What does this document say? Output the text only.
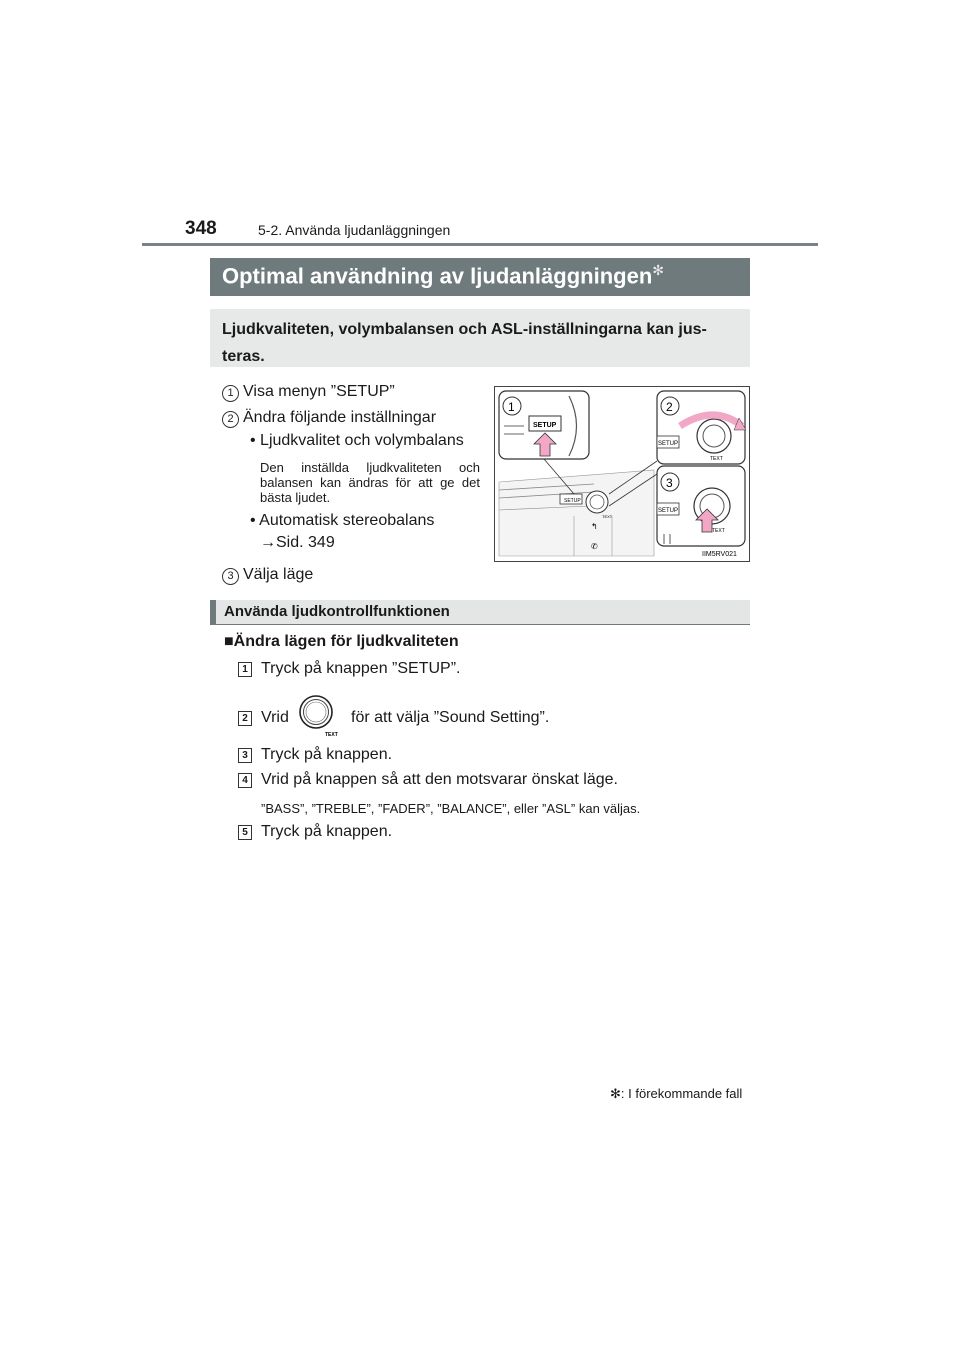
348	5-2. Använda ljudanläggningen
Optimal användning av ljudanläggningen✻
Ljudkvaliteten, volymbalansen och ASL-inställningarna kan jus- teras.
1 Visa menyn ”SETUP”
2 Ändra följande inställningar
• Ljudkvalitet och volymbalans
Den inställda ljudkvaliteten och balansen kan ändras för att ge det bästa ljudet.
• Automatisk stereobalans
→Sid. 349
3 Välja läge
SETUP
TEXT
↰
✆
1
SETUP
2
SETUP
TEXT
3
SETUP
TEXT
IIM5RV021
Använda ljudkontrollfunktionen
■Ändra lägen för ljudkvaliteten
1 Tryck på knappen ”SETUP”.
2 Vrid
TEXT
för att välja ”Sound Setting”.
3 Tryck på knappen.
4 Vrid på knappen så att den motsvarar önskat läge.
”BASS”, ”TREBLE”, ”FADER”, ”BALANCE”, eller ”ASL” kan väljas.
5 Tryck på knappen.
✻: I förekommande fall
